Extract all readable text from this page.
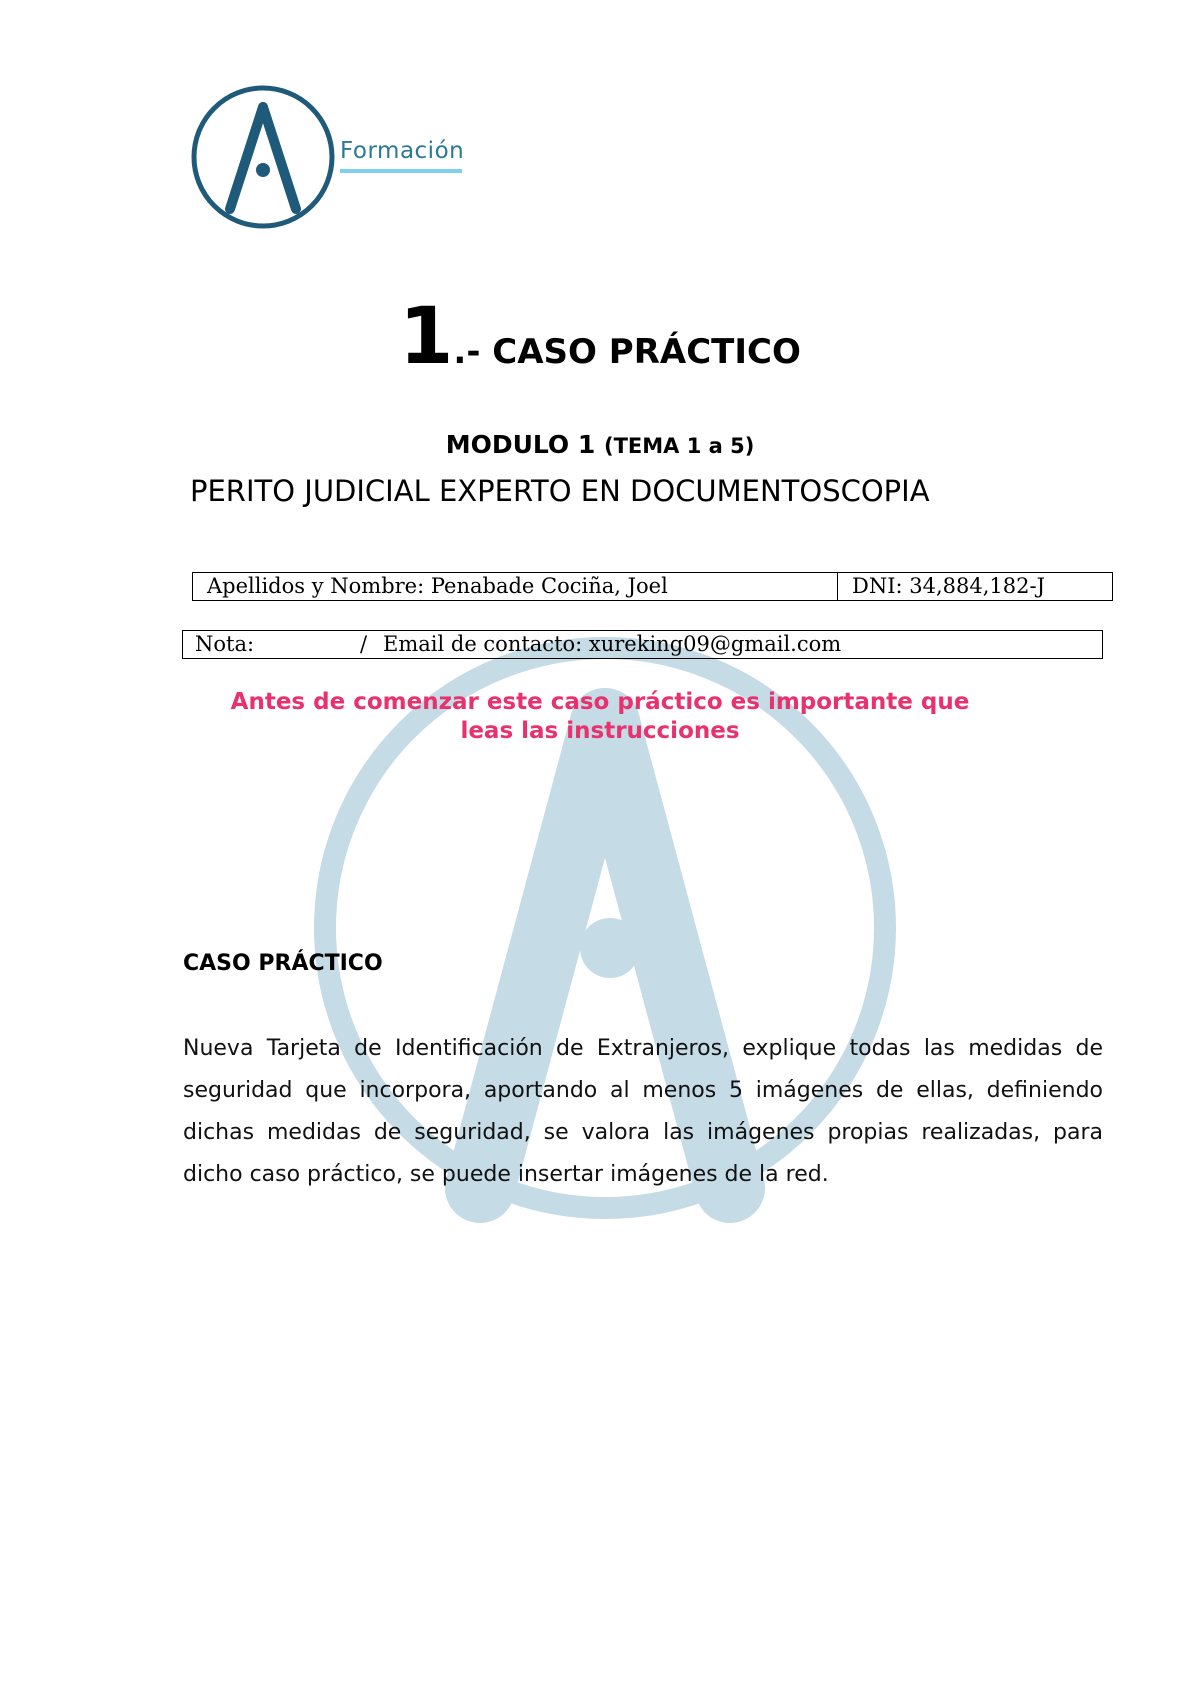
Formación
1.- CASO PRÁCTICO
MODULO 1 (TEMA 1 a 5)
PERITO JUDICIAL EXPERTO EN DOCUMENTOSCOPIA
Apellidos y Nombre: Penabade Cociña, Joel	DNI: 34,884,182-J
Nota:	/ Email de contacto: xureking09@gmail.com
Antes de comenzar este caso práctico es importante que
leas las instrucciones
CASO PRÁCTICO
Nueva Tarjeta de Identificación de Extranjeros, explique todas las medidas de seguridad que incorpora, aportando al menos 5 imágenes de ellas, definiendo dichas medidas de seguridad, se valora las imágenes propias realizadas, para dicho caso práctico, se puede insertar imágenes de la red.
